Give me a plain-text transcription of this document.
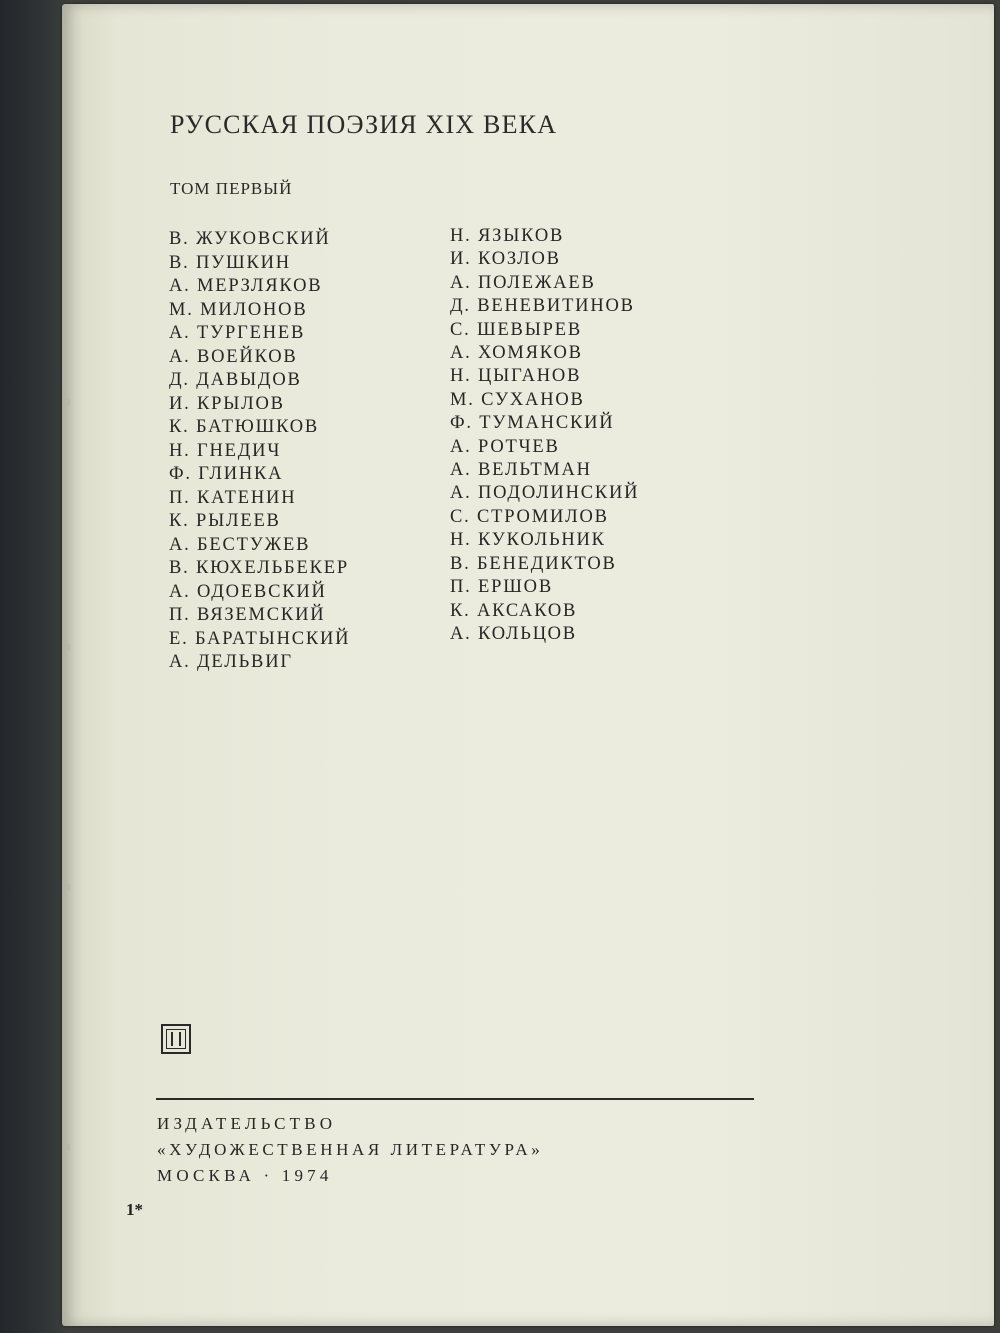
РУССКАЯ ПОЭЗИЯ XIX ВЕКА
ТОМ ПЕРВЫЙ
В. ЖУКОВСКИЙ
В. ПУШКИН
А. МЕРЗЛЯКОВ
М. МИЛОНОВ
А. ТУРГЕНЕВ
А. ВОЕЙКОВ
Д. ДАВЫДОВ
И. КРЫЛОВ
К. БАТЮШКОВ
Н. ГНЕДИЧ
Ф. ГЛИНКА
П. КАТЕНИН
К. РЫЛЕЕВ
А. БЕСТУЖЕВ
В. КЮХЕЛЬБЕКЕР
А. ОДОЕВСКИЙ
П. ВЯЗЕМСКИЙ
Е. БАРАТЫНСКИЙ
А. ДЕЛЬВИГ
Н. ЯЗЫКОВ
И. КОЗЛОВ
А. ПОЛЕЖАЕВ
Д. ВЕНЕВИТИНОВ
С. ШЕВЫРЕВ
А. ХОМЯКОВ
Н. ЦЫГАНОВ
М. СУХАНОВ
Ф. ТУМАНСКИЙ
А. РОТЧЕВ
А. ВЕЛЬТМАН
А. ПОДОЛИНСКИЙ
С. СТРОМИЛОВ
Н. КУКОЛЬНИК
В. БЕНЕДИКТОВ
П. ЕРШОВ
К. АКСАКОВ
А. КОЛЬЦОВ
ИЗДАТЕЛЬСТВО
«ХУДОЖЕСТВЕННАЯ ЛИТЕРАТУРА»
МОСКВА · 1974
1*
